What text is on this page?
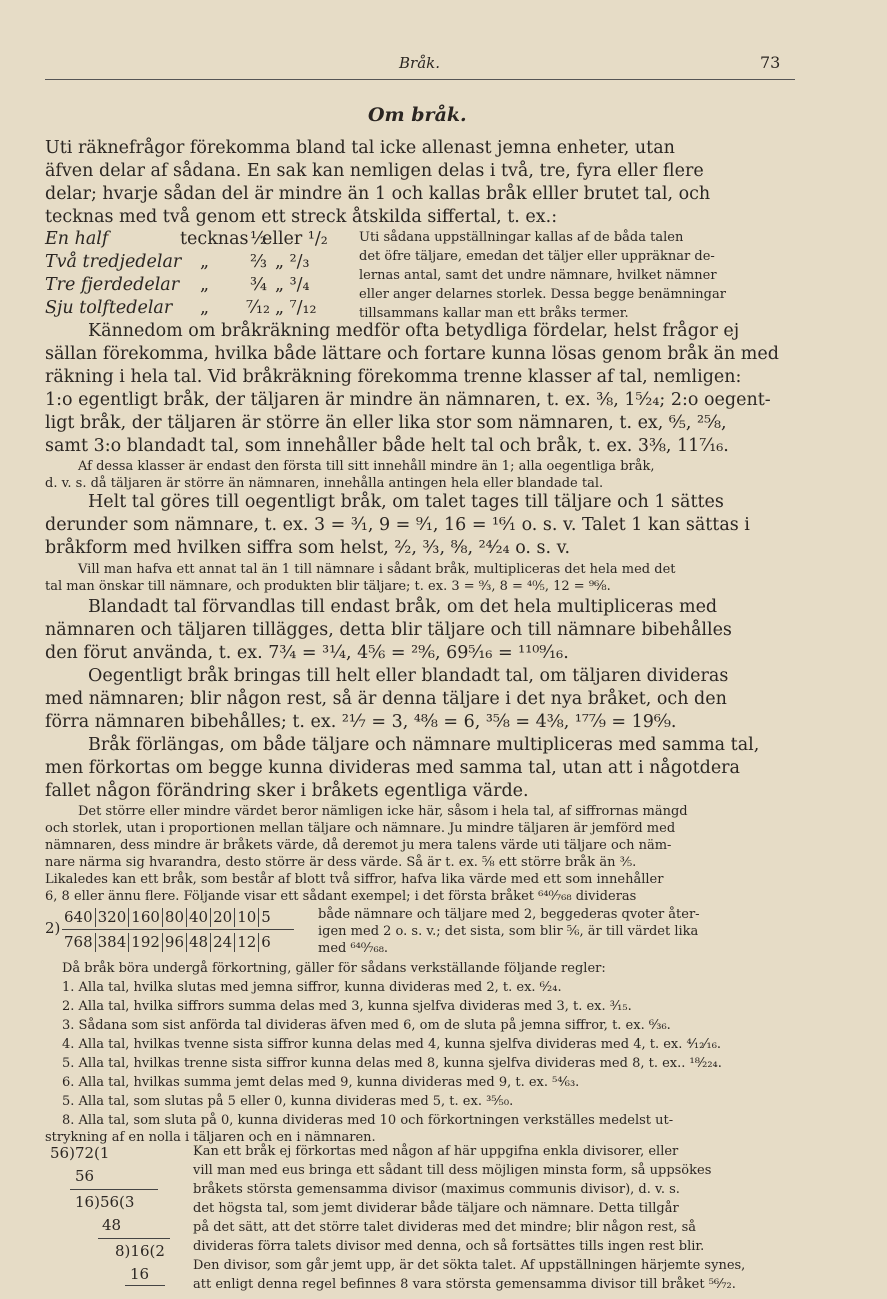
Bråk.	73
Om bråk.
Uti räknefrågor förekomma bland tal icke allenast jemna enheter, utan
äfven delar af sådana. En sak kan nemligen delas i två, tre, fyra eller flere
delar; hvarje sådan del är mindre än 1 och kallas bråk elller brutet tal, och
tecknas med två genom ett streck åtskilda siffertal, t. ex.:
En half	tecknas ½
eller ¹/₂
Två tredjedelar „ ⅔ „ ²/₃
Tre fjerdedelar „ ¾ „ ³/₄
Sju tolftedelar „ ⁷⁄₁₂ „ ⁷/₁₂
Uti sådana uppställningar kallas af de båda talen
det öfre täljare, emedan det täljer eller uppräknar de-
lernas antal, samt det undre nämnare, hvilket nämner
eller anger delarnes storlek. Dessa begge benämningar
tillsammans kallar man ett bråks termer.
Kännedom om bråkräkning medför ofta betydliga fördelar, helst frågor ej
sällan förekomma, hvilka både lättare och fortare kunna lösas genom bråk än med
räkning i hela tal. Vid bråkräkning förekomma trenne klasser af tal, nemligen:
1:o egentligt bråk, der täljaren är mindre än nämnaren, t. ex. ⅜, 1⁵⁄₂₄; 2:o oegent-
ligt bråk, der täljaren är större än eller lika stor som nämnaren, t. ex, ⁶⁄₅, ²⁵⁄₈,
samt 3:o blandadt tal, som innehåller både helt tal och bråk, t. ex. 3⅜, 11⁷⁄₁₆.
Af dessa klasser är endast den första till sitt innehåll mindre än 1; alla oegentliga bråk,
d. v. s. då täljaren är större än nämnaren, innehålla antingen hela eller blandade tal.
Helt tal göres till oegentligt bråk, om talet tages till täljare och 1 sättes
derunder som nämnare, t. ex. 3 = ³⁄₁, 9 = ⁹⁄₁, 16 = ¹⁶⁄₁ o. s. v. Talet 1 kan sättas i
bråkform med hvilken siffra som helst, ²⁄₂, ³⁄₃, ⁸⁄₈, ²⁴⁄₂₄ o. s. v.
Vill man hafva ett annat tal än 1 till nämnare i sådant bråk, multipliceras det hela med det
tal man önskar till nämnare, och produkten blir täljare; t. ex. 3 = ⁹⁄₃, 8 = ⁴⁰⁄₅, 12 = ⁹⁶⁄₈.
Blandadt tal förvandlas till endast bråk, om det hela multipliceras med
nämnaren och täljaren tillägges, detta blir täljare och till nämnare bibehålles
den förut använda, t. ex. 7¾ = ³¹⁄₄, 4⅚ = ²⁹⁄₆, 69⁵⁄₁₆ = ¹¹⁰⁹⁄₁₆.
Oegentligt bråk bringas till helt eller blandadt tal, om täljaren divideras
med nämnaren; blir någon rest, så är denna täljare i det nya bråket, och den
förra nämnaren bibehålles; t. ex. ²¹⁄₇ = 3, ⁴⁸⁄₈ = 6, ³⁵⁄₈ = 4⅜, ¹⁷⁷⁄₉ = 19⁶⁄₉.
Bråk förlängas, om både täljare och nämnare multipliceras med samma tal,
men förkortas om begge kunna divideras med samma tal, utan att i någotdera
fallet någon förändring sker i bråkets egentliga värde.
Det större eller mindre värdet beror nämligen icke här, såsom i hela tal, af siffrornas mängd
och storlek, utan i proportionen mellan täljare och nämnare. Ju mindre täljaren är jemförd med
nämnaren, dess mindre är bråkets värde, då deremot ju mera talens värde uti täljare och näm-
nare närma sig hvarandra, desto större är dess värde. Så är t. ex. ⅝ ett större bråk än ⅗.
Likaledes kan ett bråk, som består af blott två siffror, hafva lika värde med ett som innehåller
6, 8 eller ännu flere. Följande visar ett sådant exempel; i det första bråket ⁶⁴⁰⁄₇₆₈ divideras
2)
640 320 160 80 40 20 10 5
768 384 192 96 48 24 12 6
både nämnare och täljare med 2, beggederas qvoter åter-
igen med 2 o. s. v.; det sista, som blir ⅚, är till värdet lika
med ⁶⁴⁰⁄₇₆₈.
Då bråk böra undergå förkortning, gäller för sådans verkställande följande regler:
1. Alla tal, hvilka slutas med jemna siffror, kunna divideras med 2, t. ex. ⁶⁄₂₄.
2. Alla tal, hvilka siffrors summa delas med 3, kunna sjelfva divideras med 3, t. ex. ³⁄₁₅.
3. Sådana som sist anförda tal divideras äfven med 6, om de sluta på jemna siffror, t. ex. ⁶⁄₃₆.
4. Alla tal, hvilkas tvenne sista siffror kunna delas med 4, kunna sjelfva divideras med 4, t. ex. ⁴⁄₁₂⁄₁₆.
5. Alla tal, hvilkas trenne sista siffror kunna delas med 8, kunna sjelfva divideras med 8, t. ex.. ¹⁸⁄₂₂₄.
6. Alla tal, hvilkas summa jemt delas med 9, kunna divideras med 9, t. ex. ⁵⁴⁄₆₃.
5. Alla tal, som slutas på 5 eller 0, kunna divideras med 5, t. ex. ³⁵⁄₅₀.
8. Alla tal, som sluta på 0, kunna divideras med 10 och förkortningen verkställes medelst ut-
strykning af en nolla i täljaren och en i nämnaren.
56)72(1
56
16)56(3
48
8)16(2
16
Kan ett bråk ej förkortas med någon af här uppgifna enkla divisorer, eller
vill man med eus bringa ett sådant till dess möjligen minsta form, så uppsökes
bråkets största gemensamma divisor (maximus communis divisor), d. v. s.
det högsta tal, som jemt dividerar både täljare och nämnare. Detta tillgår
på det sätt, att det större talet divideras med det mindre; blir någon rest, så
divideras förra talets divisor med denna, och så fortsättes tills ingen rest blir.
Den divisor, som går jemt upp, är det sökta talet. Af uppställningen härjemte synes,
att enligt denna regel befinnes 8 vara största gemensamma divisor till bråket ⁵⁶⁄₇₂.
